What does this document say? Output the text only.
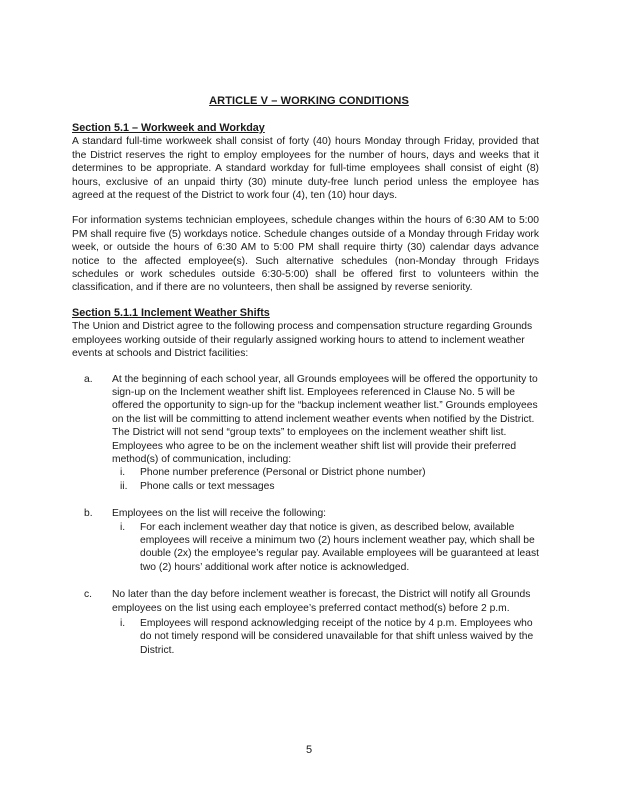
ARTICLE V – WORKING CONDITIONS
Section 5.1 – Workweek and Workday

A standard full-time workweek shall consist of forty (40) hours Monday through Friday, provided that the District reserves the right to employ employees for the number of hours, days and weeks that it determines to be appropriate. A standard workday for full-time employees shall consist of eight (8) hours, exclusive of an unpaid thirty (30) minute duty-free lunch period unless the employee has agreed at the request of the District to work four (4), ten (10) hour days.

For information systems technician employees, schedule changes within the hours of 6:30 AM to 5:00 PM shall require five (5) workdays notice. Schedule changes outside of a Monday through Friday work week, or outside the hours of 6:30 AM to 5:00 PM shall require thirty (30) calendar days advance notice to the affected employee(s). Such alternative schedules (non-Monday through Fridays schedules or work schedules outside 6:30-5:00) shall be offered first to volunteers within the classification, and if there are no volunteers, then shall be assigned by reverse seniority.

Section 5.1.1 Inclement Weather Shifts

The Union and District agree to the following process and compensation structure regarding Grounds employees working outside of their regularly assigned working hours to attend to inclement weather events at schools and District facilities:

a.	At the beginning of each school year, all Grounds employees will be offered the opportunity to sign-up on the Inclement weather shift list. Employees referenced in Clause No. 5 will be offered the opportunity to sign-up for the “backup inclement weather list.” Grounds employees on the list will be committing to attend inclement weather events when notified by the District. The District will not send “group texts” to employees on the inclement weather shift list. Employees who agree to be on the inclement weather shift list will provide their preferred method(s) of communication, including:

i.	Phone number preference (Personal or District phone number)
ii.	Phone calls or text messages
b.	Employees on the list will receive the following:

i.	For each inclement weather day that notice is given, as described below, available employees will receive a minimum two (2) hours inclement weather pay, which shall be double (2x) the employee’s regular pay. Available employees will be guaranteed at least two (2) hours’ additional work after notice is acknowledged.
c.	No later than the day before inclement weather is forecast, the District will notify all Grounds employees on the list using each employee’s preferred contact method(s) before 2 p.m.

i.	Employees will respond acknowledging receipt of the notice by 4 p.m. Employees who do not timely respond will be considered unavailable for that shift unless waived by the District.
5
